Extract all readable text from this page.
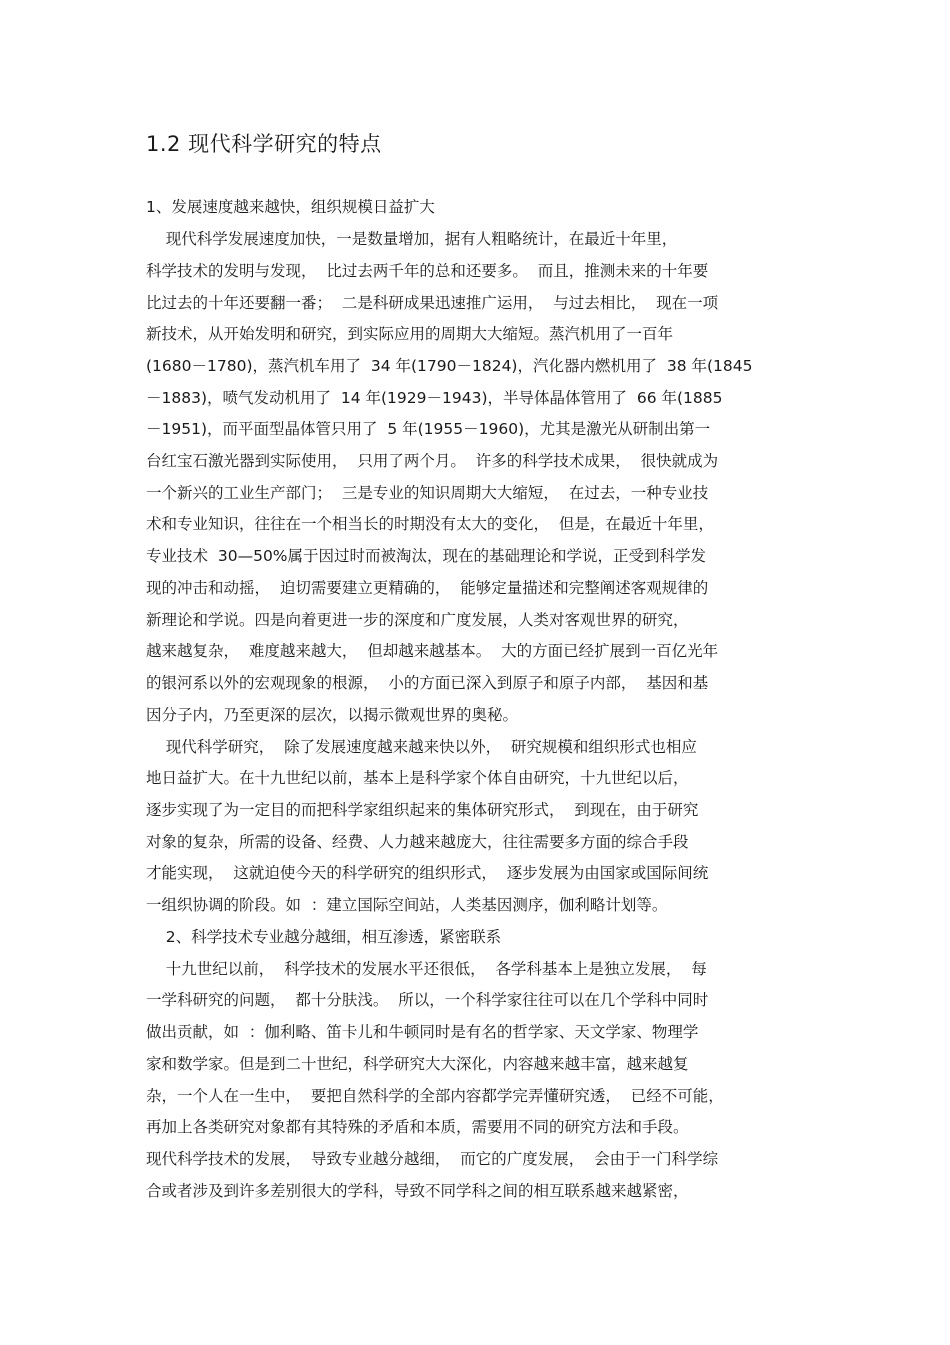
1.2 现代科学研究的特点
1、发展速度越来越快，组织规模日益扩大
现代科学发展速度加快，一是数量增加，据有人粗略统计，在最近十年里，
科学技术的发明与发现，  比过去两千年的总和还要多。  而且，推测未来的十年要
比过去的十年还要翻一番；  二是科研成果迅速推广运用，  与过去相比，  现在一项
新技术，从开始发明和研究，到实际应用的周期大大缩短。蒸汽机用了一百年
(1680－1780)，蒸汽机车用了  34 年(1790－1824)，汽化器内燃机用了  38 年(1845
－1883)，喷气发动机用了  14 年(1929－1943)，半导体晶体管用了  66 年(1885
－1951)，而平面型晶体管只用了  5 年(1955－1960)，尤其是激光从研制出第一
台红宝石激光器到实际使用，  只用了两个月。  许多的科学技术成果，  很快就成为
一个新兴的工业生产部门；  三是专业的知识周期大大缩短，  在过去，一种专业技
术和专业知识，往往在一个相当长的时期没有太大的变化，  但是，在最近十年里，
专业技术  30—50%属于因过时而被淘汰，现在的基础理论和学说，正受到科学发
现的冲击和动摇，  迫切需要建立更精确的，  能够定量描述和完整阐述客观规律的
新理论和学说。四是向着更进一步的深度和广度发展，人类对客观世界的研究，
越来越复杂，  难度越来越大，  但却越来越基本。  大的方面已经扩展到一百亿光年
的银河系以外的宏观现象的根源，  小的方面已深入到原子和原子内部，  基因和基
因分子内，乃至更深的层次，以揭示微观世界的奥秘。
现代科学研究，  除了发展速度越来越来快以外，  研究规模和组织形式也相应
地日益扩大。在十九世纪以前，基本上是科学家个体自由研究，十九世纪以后，
逐步实现了为一定目的而把科学家组织起来的集体研究形式，  到现在，由于研究
对象的复杂，所需的设备、经费、人力越来越庞大，往往需要多方面的综合手段
才能实现，  这就迫使今天的科学研究的组织形式，  逐步发展为由国家或国际间统
一组织协调的阶段。如  ：建立国际空间站，人类基因测序，伽利略计划等。
2、科学技术专业越分越细，相互渗透，紧密联系
十九世纪以前，  科学技术的发展水平还很低，  各学科基本上是独立发展，  每
一学科研究的问题，  都十分肤浅。  所以，一个科学家往往可以在几个学科中同时
做出贡献，如  ：伽利略、笛卡儿和牛顿同时是有名的哲学家、天文学家、物理学
家和数学家。但是到二十世纪，科学研究大大深化，内容越来越丰富，越来越复
杂，一个人在一生中，  要把自然科学的全部内容都学完弄懂研究透，  已经不可能，
再加上各类研究对象都有其特殊的矛盾和本质，需要用不同的研究方法和手段。
现代科学技术的发展，  导致专业越分越细，  而它的广度发展，  会由于一门科学综
合或者涉及到许多差别很大的学科，导致不同学科之间的相互联系越来越紧密，
